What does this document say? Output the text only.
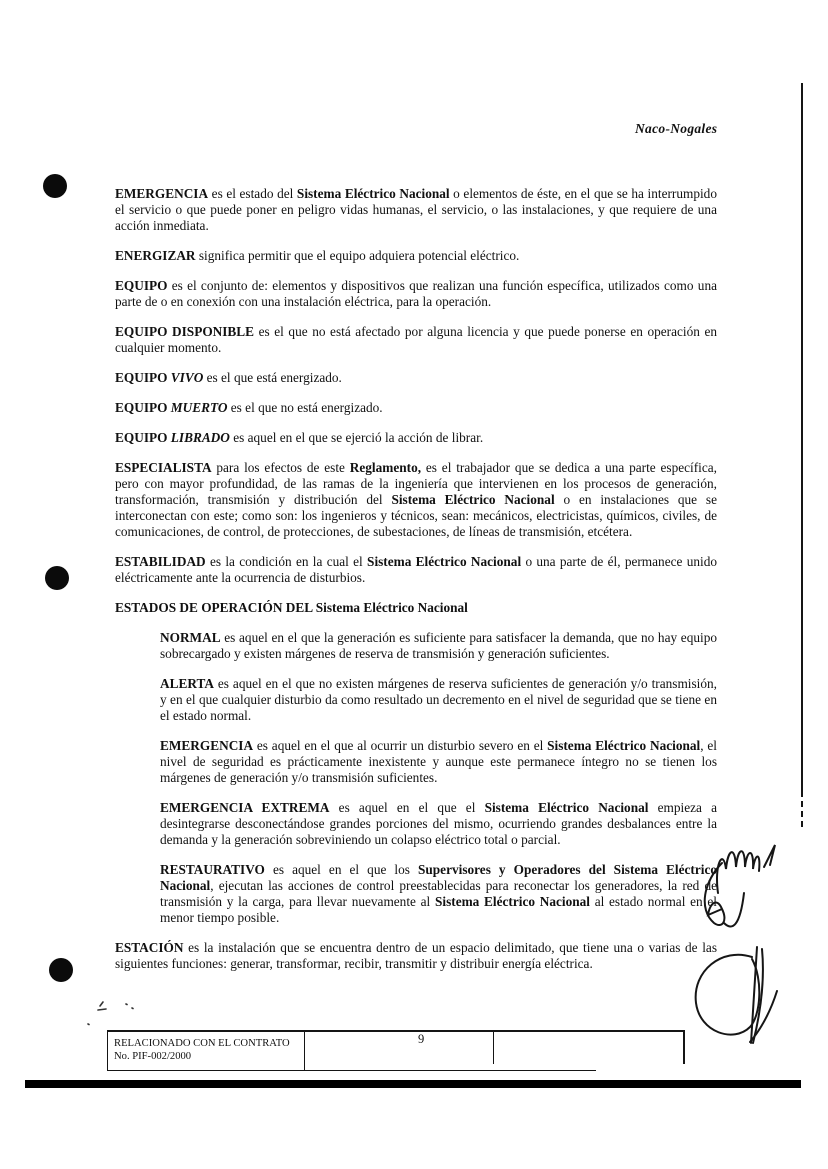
Naco-Nogales

EMERGENCIA es el estado del Sistema Eléctrico Nacional o elementos de éste, en el que se ha interrumpido el servicio o que puede poner en peligro vidas humanas, el servicio, o las instalaciones, y que requiere de una acción inmediata.

ENERGIZAR significa permitir que el equipo adquiera potencial eléctrico.

EQUIPO es el conjunto de: elementos y dispositivos que realizan una función específica, utilizados como una parte de o en conexión con una instalación eléctrica, para la operación.

EQUIPO DISPONIBLE es el que no está afectado por alguna licencia y que puede ponerse en operación en cualquier momento.

EQUIPO VIVO es el que está energizado.

EQUIPO MUERTO es el que no está energizado.

EQUIPO LIBRADO es aquel en el que se ejerció la acción de librar.

ESPECIALISTA para los efectos de este Reglamento, es el trabajador que se dedica a una parte específica, pero con mayor profundidad, de las ramas de la ingeniería que intervienen en los procesos de generación, transformación, transmisión y distribución del Sistema Eléctrico Nacional o en instalaciones que se interconectan con este; como son: los ingenieros y técnicos, sean: mecánicos, electricistas, químicos, civiles, de comunicaciones, de control, de protecciones, de subestaciones, de líneas de transmisión, etcétera.

ESTABILIDAD es la condición en la cual el Sistema Eléctrico Nacional o una parte de él, permanece unido eléctricamente ante la ocurrencia de disturbios.

ESTADOS DE OPERACIÓN DEL Sistema Eléctrico Nacional

NORMAL es aquel en el que la generación es suficiente para satisfacer la demanda, que no hay equipo sobrecargado y existen márgenes de reserva de transmisión y generación suficientes.

ALERTA es aquel en el que no existen márgenes de reserva suficientes de generación y/o transmisión, y en el que cualquier disturbio da como resultado un decremento en el nivel de seguridad que se tiene en el estado normal.

EMERGENCIA es aquel en el que al ocurrir un disturbio severo en el Sistema Eléctrico Nacional, el nivel de seguridad es prácticamente inexistente y aunque este permanece íntegro no se tienen los márgenes de generación y/o transmisión suficientes.

EMERGENCIA EXTREMA es aquel en el que el Sistema Eléctrico Nacional empieza a desintegrarse desconectándose grandes porciones del mismo, ocurriendo grandes desbalances entre la demanda y la generación sobreviniendo un colapso eléctrico total o parcial.

RESTAURATIVO es aquel en el que los Supervisores y Operadores del Sistema Eléctrico Nacional, ejecutan las acciones de control preestablecidas para reconectar los generadores, la red de transmisión y la carga, para llevar nuevamente al Sistema Eléctrico Nacional al estado normal en el menor tiempo posible.

ESTACIÓN es la instalación que se encuentra dentro de un espacio delimitado, que tiene una o varias de las siguientes funciones: generar, transformar, recibir, transmitir y distribuir energía eléctrica.

RELACIONADO CON EL CONTRATO
No. PIF-002/2000
9
